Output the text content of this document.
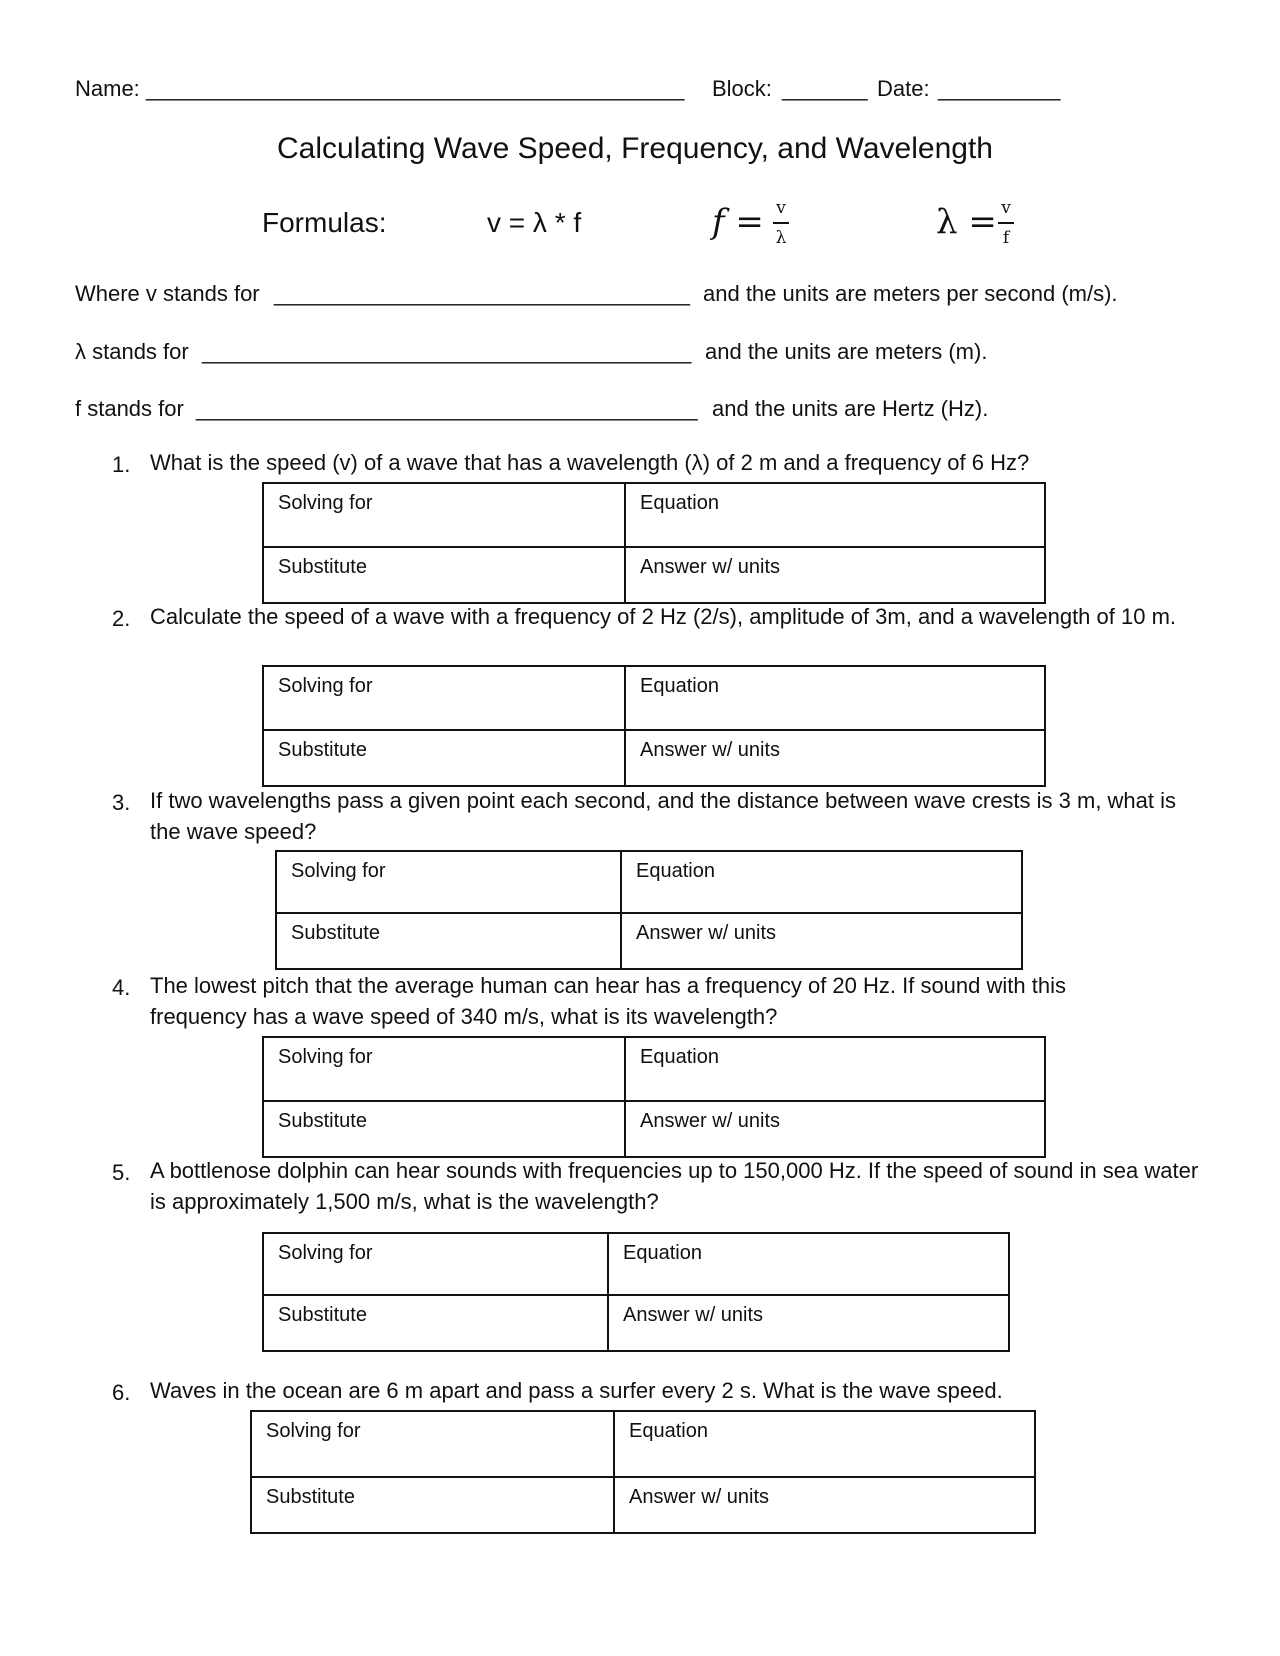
Name: ____________________________________________ Block: _______ Date: __________
Calculating Wave Speed, Frequency, and Wavelength
Formulas:	v = λ * f	f = v
λ	λ = v
f
Where v stands for __________________________________ and the units are meters per second (m/s).
λ stands for ________________________________________ and the units are meters (m).
f stands for _________________________________________ and the units are Hertz (Hz).
1. What is the speed (v) of a wave that has a wavelength (λ) of 2 m and a frequency of 6 Hz?
Solving for	Equation
Substitute	Answer w/ units
2. Calculate the speed of a wave with a frequency of 2 Hz (2/s), amplitude of 3m, and a wavelength of 10 m.
Solving for	Equation
Substitute	Answer w/ units
3. If two wavelengths pass a given point each second, and the distance between wave crests is 3 m, what is the wave speed?
Solving for	Equation
Substitute	Answer w/ units
4. The lowest pitch that the average human can hear has a frequency of 20 Hz. If sound with this frequency has a wave speed of 340 m/s, what is its wavelength?
Solving for	Equation
Substitute	Answer w/ units
5. A bottlenose dolphin can hear sounds with frequencies up to 150,000 Hz. If the speed of sound in sea water is approximately 1,500 m/s, what is the wavelength?
Solving for	Equation
Substitute	Answer w/ units
6. Waves in the ocean are 6 m apart and pass a surfer every 2 s. What is the wave speed.
Solving for	Equation
Substitute	Answer w/ units
